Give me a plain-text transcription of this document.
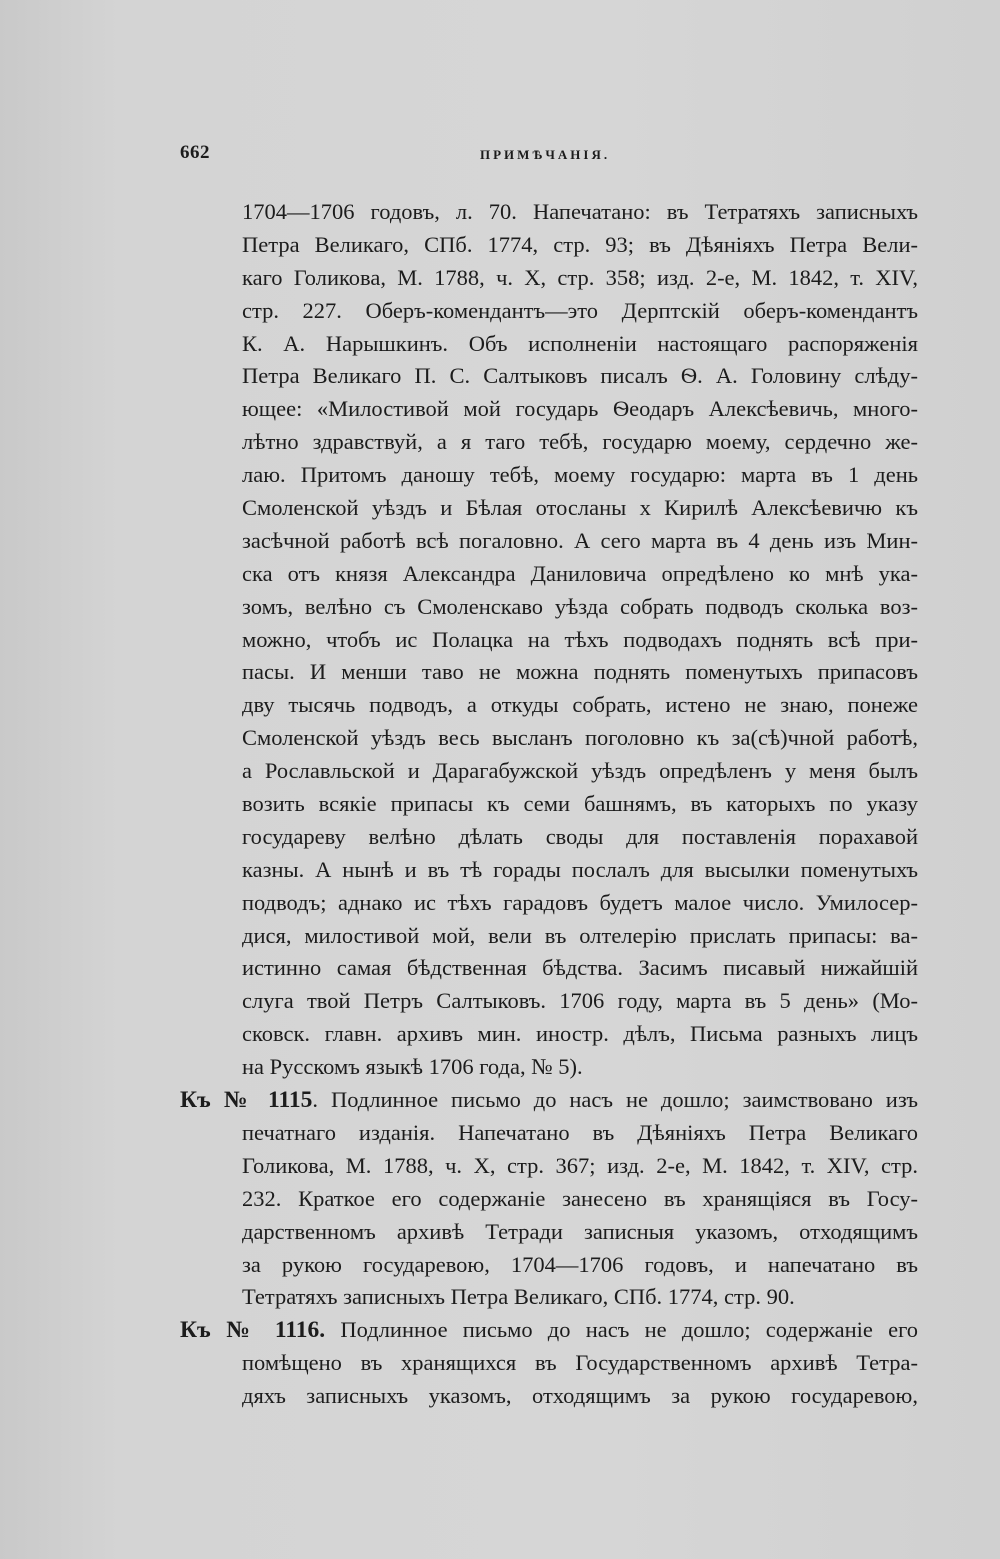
662	ПРИМѢЧАНІЯ.
1704—1706 годовъ, л. 70. Напечатано: въ Тетратяхъ записныхъ
Петра Великаго, СПб. 1774, стр. 93; въ Дѣяніяхъ Петра Вели-
каго Голикова, М. 1788, ч. X, стр. 358; изд. 2-е, М. 1842, т. XIV,
стр. 227. Оберъ-комендантъ—это Дерптскій оберъ-комендантъ
К. А. Нарышкинъ. Объ исполненіи настоящаго распоряженія
Петра Великаго П. С. Салтыковъ писалъ Ѳ. А. Головину слѣду-
ющее: «Милостивой мой государь Ѳеодаръ Алексѣевичь, много-
лѣтно здравствуй, а я таго тебѣ, государю моему, сердечно же-
лаю. Притомъ даношу тебѣ, моему государю: марта въ 1 день
Смоленской уѣздъ и Бѣлая отосланы х Кирилѣ Алексѣевичю къ
засѣчной работѣ всѣ погаловно. А сего марта въ 4 день изъ Мин-
ска отъ князя Александра Даниловича опредѣлено ко мнѣ ука-
зомъ, велѣно съ Смоленскаво уѣзда собрать подводъ сколька воз-
можно, чтобъ ис Полацка на тѣхъ подводахъ поднять всѣ при-
пасы. И менши таво не можна поднять поменутыхъ припасовъ
дву тысячь подводъ, а откуды собрать, истено не знаю, понеже
Смоленской уѣздъ весь высланъ поголовно къ за(сѣ)чной работѣ,
а Рославльской и Дарагабужской уѣздъ опредѣленъ у меня былъ
возить всякіе припасы къ семи башнямъ, въ каторыхъ по указу
государеву велѣно дѣлать своды для поставленія порахавой
казны. А нынѣ и въ тѣ горады послалъ для высылки поменутыхъ
подводъ; аднако ис тѣхъ гарадовъ будетъ малое число. Умилосер-
дися, милостивой мой, вели въ олтелерію прислать припасы: ва-
истинно самая бѣдственная бѣдства. Засимъ писавый нижайшій
слуга твой Петръ Салтыковъ. 1706 году, марта въ 5 день» (Мо-
сковск. главн. архивъ мин. иностр. дѣлъ, Письма разныхъ лицъ
на Русскомъ языкѣ 1706 года, № 5).
Къ № 1115. Подлинное письмо до насъ не дошло; заимствовано изъ
печатнаго изданія. Напечатано въ Дѣяніяхъ Петра Великаго
Голикова, М. 1788, ч. X, стр. 367; изд. 2-е, М. 1842, т. XIV, стр.
232. Краткое его содержаніе занесено въ хранящіяся въ Госу-
дарственномъ архивѣ Тетради записныя указомъ, отходящимъ
за рукою государевою, 1704—1706 годовъ, и напечатано въ
Тетратяхъ записныхъ Петра Великаго, СПб. 1774, стр. 90.
Къ № 1116. Подлинное письмо до насъ не дошло; содержаніе его
помѣщено въ хранящихся въ Государственномъ архивѣ Тетра-
дяхъ записныхъ указомъ, отходящимъ за рукою государевою,
